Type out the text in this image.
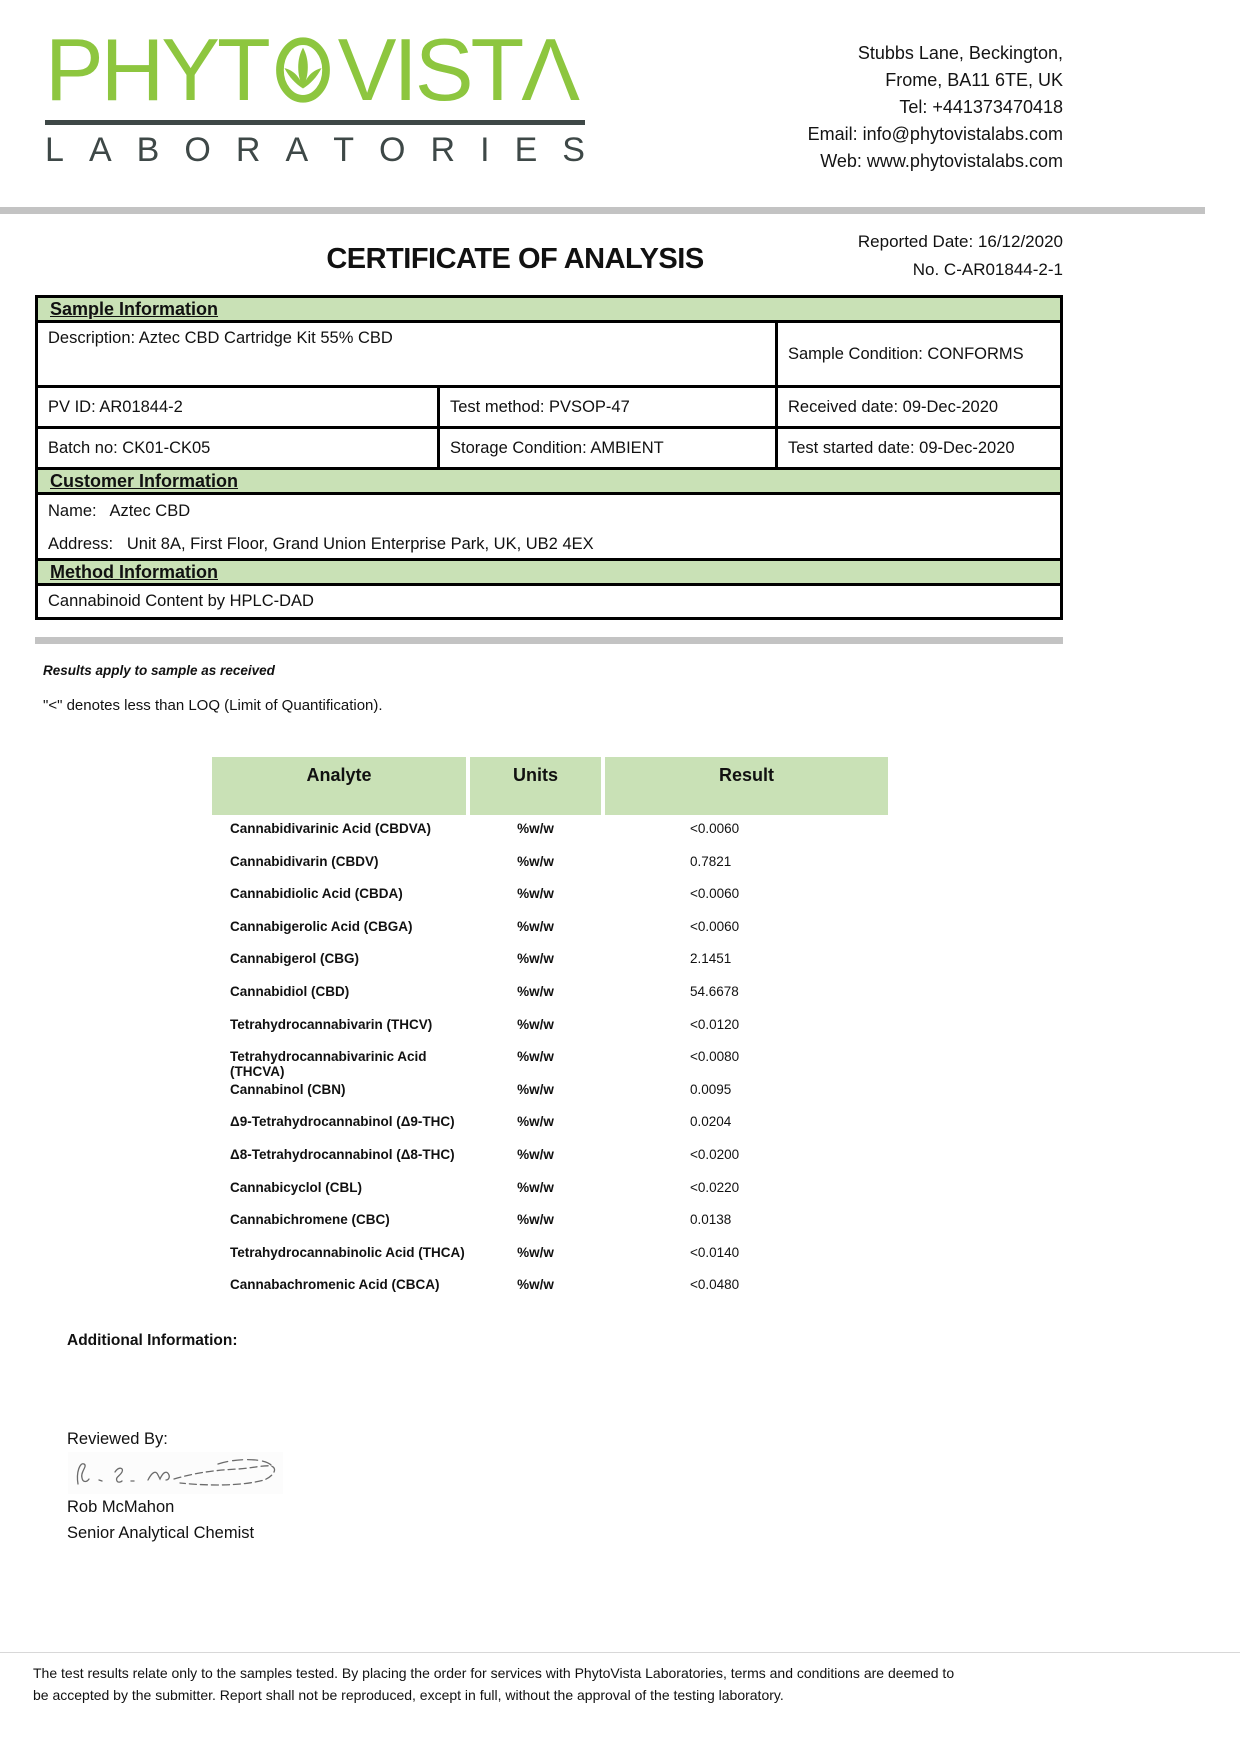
PHYT VIST Λ
L A B O R A T O R I E S
Stubbs Lane, Beckington,
Frome, BA11 6TE, UK
Tel: +441373470418
Email: info@phytovistalabs.com
Web: www.phytovistalabs.com
CERTIFICATE OF ANALYSIS
Reported Date: 16/12/2020
No. C-AR01844-2-1
Sample Information
Description: Aztec CBD Cartridge Kit 55% CBD
Sample Condition: CONFORMS
PV ID: AR01844-2	Test method: PVSOP-47	Received date: 09-Dec-2020
Batch no: CK01-CK05	Storage Condition: AMBIENT	Test started date: 09-Dec-2020
Customer Information
Name:   Aztec CBD
Address:   Unit 8A, First Floor, Grand Union Enterprise Park, UK, UB2 4EX
Method Information
Cannabinoid Content by HPLC-DAD
Results apply to sample as received
"<" denotes less than LOQ (Limit of Quantification).
Analyte	Units	Result
Cannabidivarinic Acid (CBDVA)	%w/w	<0.0060
Cannabidivarin (CBDV)	%w/w	0.7821
Cannabidiolic Acid (CBDA)	%w/w	<0.0060
Cannabigerolic Acid (CBGA)	%w/w	<0.0060
Cannabigerol (CBG)	%w/w	2.1451
Cannabidiol (CBD)	%w/w	54.6678
Tetrahydrocannabivarin (THCV)	%w/w	<0.0120
Tetrahydrocannabivarinic Acid (THCVA)
%w/w	<0.0080
Cannabinol (CBN)	%w/w	0.0095
Δ9-Tetrahydrocannabinol (Δ9-THC)	%w/w	0.0204
Δ8-Tetrahydrocannabinol (Δ8-THC)	%w/w	<0.0200
Cannabicyclol (CBL)	%w/w	<0.0220
Cannabichromene (CBC)	%w/w	0.0138
Tetrahydrocannabinolic Acid (THCA)	%w/w	<0.0140
Cannabachromenic Acid (CBCA)	%w/w	<0.0480
Additional Information:
Reviewed By:
Rob McMahon
Senior Analytical Chemist
The test results relate only to the samples tested. By placing the order for services with PhytoVista Laboratories, terms and conditions are deemed to be accepted by the submitter. Report shall not be reproduced, except in full, without the approval of the testing laboratory.
